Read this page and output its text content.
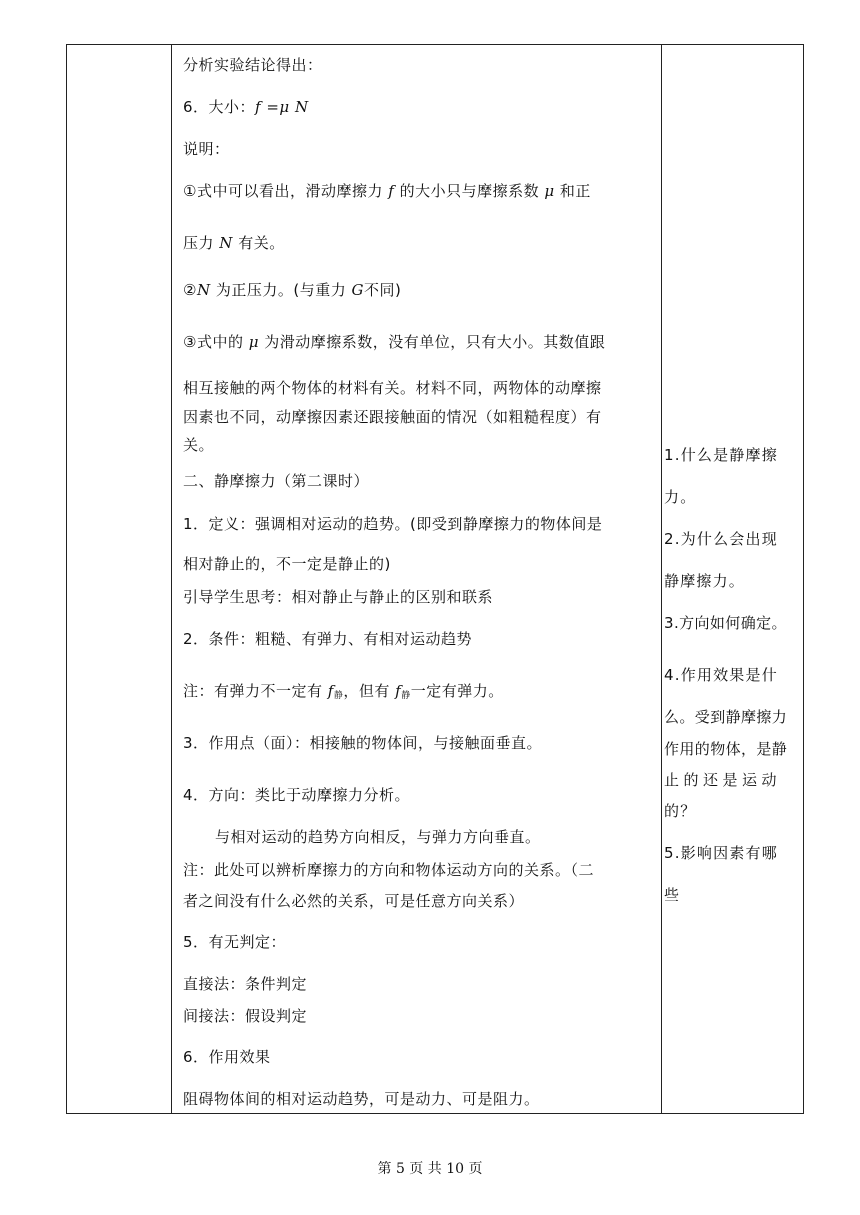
分析实验结论得出：
6．大小：f =μ N
说明：
①式中可以看出，滑动摩擦力 f 的大小只与摩擦系数 μ 和正
压力 N 有关。
②N 为正压力。(与重力 G不同)
③式中的 μ 为滑动摩擦系数，没有单位，只有大小。其数值跟
相互接触的两个物体的材料有关。材料不同，两物体的动摩擦
因素也不同，动摩擦因素还跟接触面的情况（如粗糙程度）有
关。
二、静摩擦力（第二课时）
1．定义：强调相对运动的趋势。(即受到静摩擦力的物体间是
相对静止的，不一定是静止的)
引导学生思考：相对静止与静止的区别和联系
2．条件：粗糙、有弹力、有相对运动趋势
注：有弹力不一定有 $f_静$，但有 $f_静$一定有弹力。
3．作用点（面）：相接触的物体间，与接触面垂直。
4．方向：类比于动摩擦力分析。
与相对运动的趋势方向相反，与弹力方向垂直。
注：此处可以辨析摩擦力的方向和物体运动方向的关系。（二
者之间没有什么必然的关系，可是任意方向关系）
5．有无判定：
直接法：条件判定
间接法：假设判定
6．作用效果
阻碍物体间的相对运动趋势，可是动力、可是阻力。
1.什么是静摩擦
力。
2.为什么会出现
静摩擦力。
3.方向如何确定。
4.作用效果是什
么。受到静摩擦力
作用的物体，是静
止的还是运动
的？
5.影响因素有哪
些
第 5 页 共 10 页
